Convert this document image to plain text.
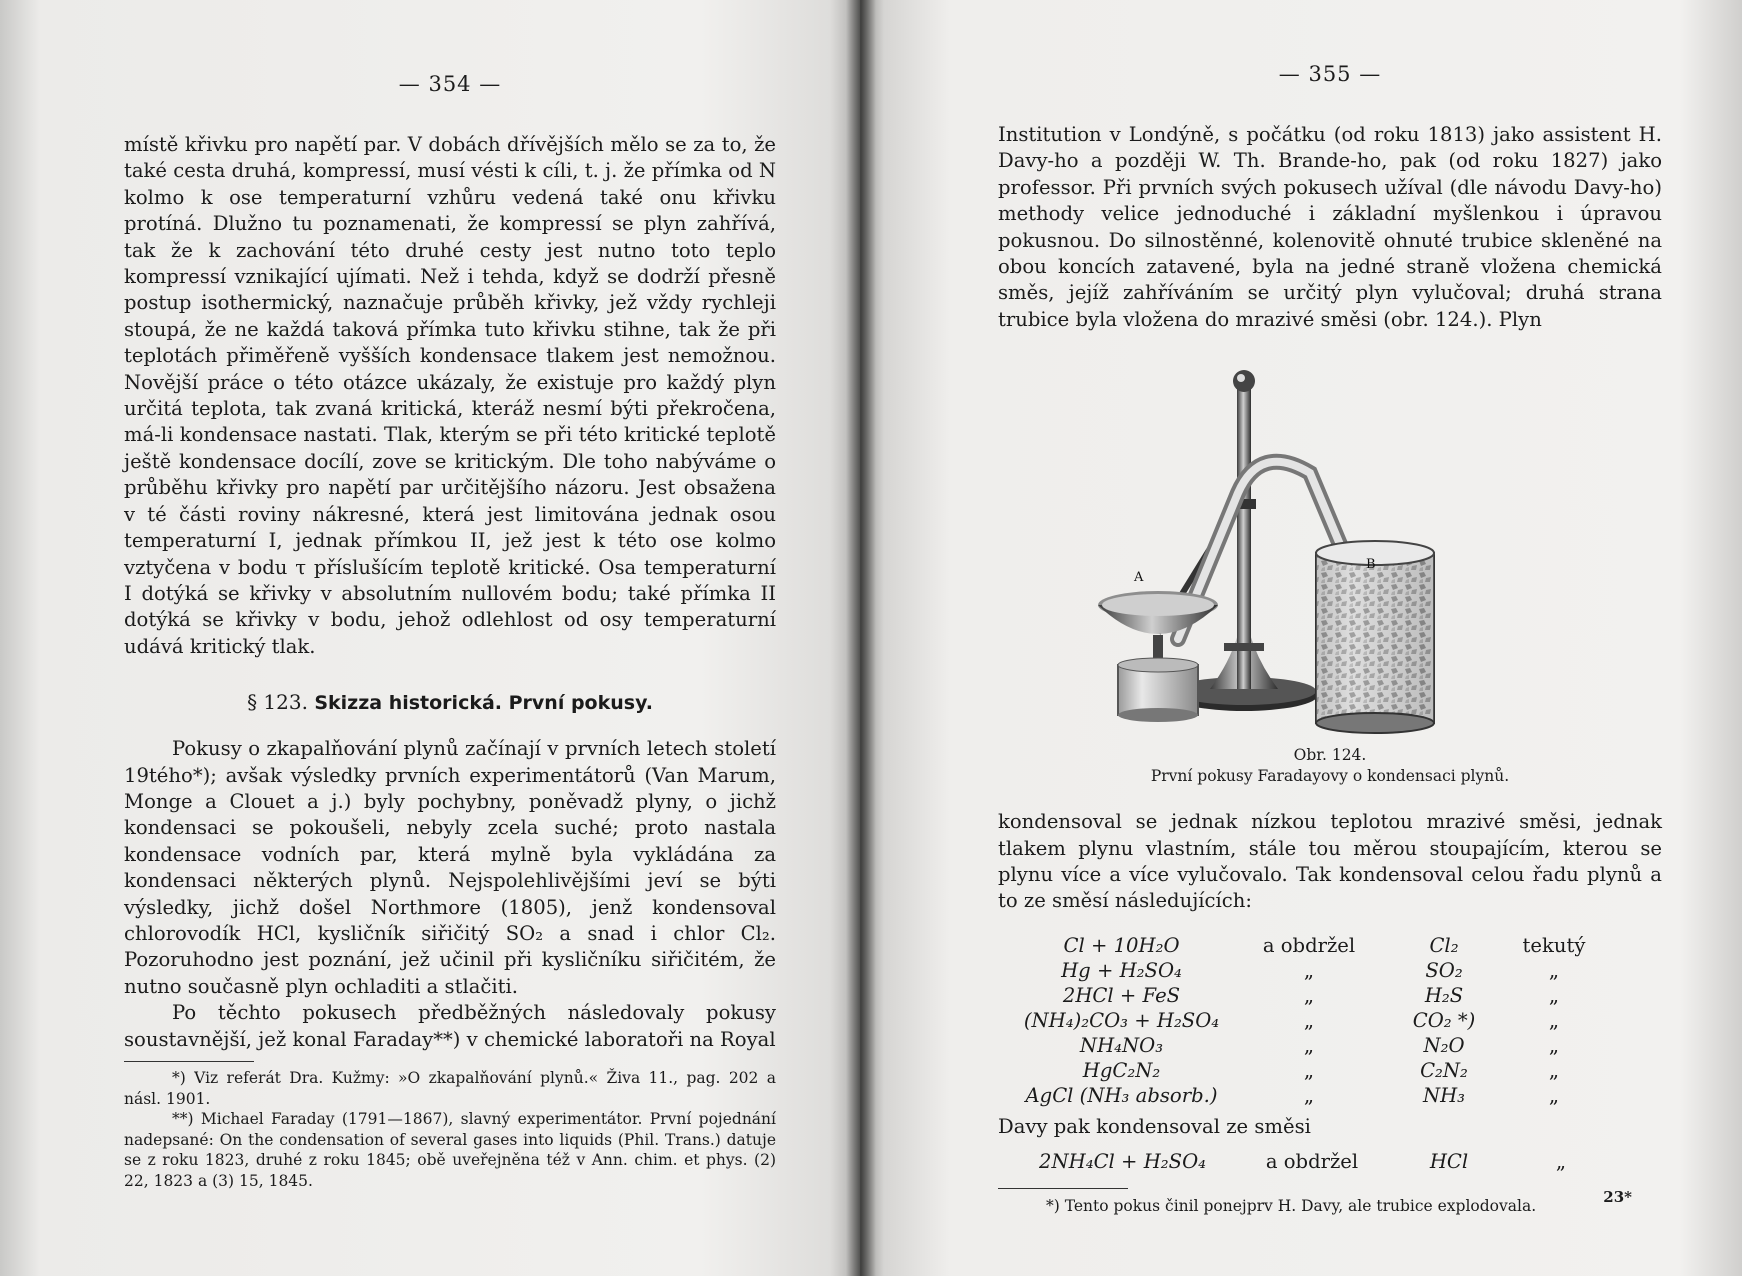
— 354 —

místě křivku pro napětí par. V dobách dřívějších mělo se za to, že také cesta druhá, kompressí, musí vésti k cíli, t. j. že přímka od N kolmo k ose temperaturní vzhůru vedená také onu křivku protíná. Dlužno tu poznamenati, že kompressí se plyn zahřívá, tak že k zachování této druhé cesty jest nutno toto teplo kompressí vznikající ujímati. Než i tehda, když se dodrží přesně postup isothermický, naznačuje průběh křivky, jež vždy rychleji stoupá, že ne každá taková přímka tuto křivku stihne, tak že při teplotách přiměřeně vyšších kondensace tlakem jest nemožnou. Novější práce o této otázce ukázaly, že existuje pro každý plyn určitá teplota, tak zvaná kritická, kteráž nesmí býti překročena, má-li kondensace nastati. Tlak, kterým se při této kritické teplotě ještě kondensace docílí, zove se kritickým. Dle toho nabýváme o průběhu křivky pro napětí par určitějšího názoru. Jest obsažena v té části roviny nákresné, která jest limitována jednak osou temperaturní I, jednak přímkou II, jež jest k této ose kolmo vztyčena v bodu τ příslušícím teplotě kritické. Osa temperaturní I dotýká se křivky v absolutním nullovém bodu; také přímka II dotýká se křivky v bodu, jehož odlehlost od osy temperaturní udává kritický tlak.

§ 123. Skizza historická. První pokusy.

Pokusy o zkapalňování plynů začínají v prvních letech století 19tého*); avšak výsledky prvních experimentátorů (Van Marum, Monge a Clouet a j.) byly pochybny, poněvadž plyny, o jichž kondensaci se pokoušeli, nebyly zcela suché; proto nastala kondensace vodních par, která mylně byla vykládána za kondensaci některých plynů. Nejspolehlivějšími jeví se býti výsledky, jichž došel Northmore (1805), jenž kondensoval chlorovodík HCl, kysličník siřičitý SO₂ a snad i chlor Cl₂. Pozoruhodno jest poznání, jež učinil při kysličníku siřičitém, že nutno současně plyn ochladiti a stlačiti.

Po těchto pokusech předběžných následovaly pokusy soustavnější, jež konal Faraday**) v chemické laboratoři na Royal

*) Viz referát Dra. Kužmy: »O zkapalňování plynů.« Živa 11., pag. 202 a násl. 1901.

**) Michael Faraday (1791—1867), slavný experimentátor. První pojednání nadepsané: On the condensation of several gases into liquids (Phil. Trans.) datuje se z roku 1823, druhé z roku 1845; obě uveřejněna též v Ann. chim. et phys. (2) 22, 1823 a (3) 15, 1845.

— 355 —

Institution v Londýně, s počátku (od roku 1813) jako assistent H. Davy-ho a později W. Th. Brande-ho, pak (od roku 1827) jako professor. Při prvních svých pokusech užíval (dle návodu Davy-ho) methody velice jednoduché i základní myšlenkou i úpravou pokusnou. Do silnostěnné, kolenovitě ohnuté trubice skleněné na obou koncích zatavené, byla na jedné straně vložena chemická směs, jejíž zahříváním se určitý plyn vylučoval; druhá strana trubice byla vložena do mrazivé směsi (obr. 124.). Plyn

A
B
Obr. 124.
První pokusy Faradayovy o kondensaci plynů.

kondensoval se jednak nízkou teplotou mrazivé směsi, jednak tlakem plynu vlastním, stále tou měrou stoupajícím, kterou se plynu více a více vylučovalo. Tak kondensoval celou řadu plynů a to ze směsí následujících:

Cl + 10H₂O	a obdržel	Cl₂	tekutý
Hg + H₂SO₄	„	SO₂	„
2HCl + FeS	„	H₂S	„
(NH₄)₂CO₃ + H₂SO₄	„	CO₂ *)	„
NH₄NO₃	„	N₂O	„
HgC₂N₂	„	C₂N₂	„
AgCl (NH₃ absorb.)	„	NH₃	„

Davy pak kondensoval ze směsi

2NH₄Cl + H₂SO₄	a obdržel	HCl	„
*) Tento pokus činil ponejprv H. Davy, ale trubice explodovala.
23*
